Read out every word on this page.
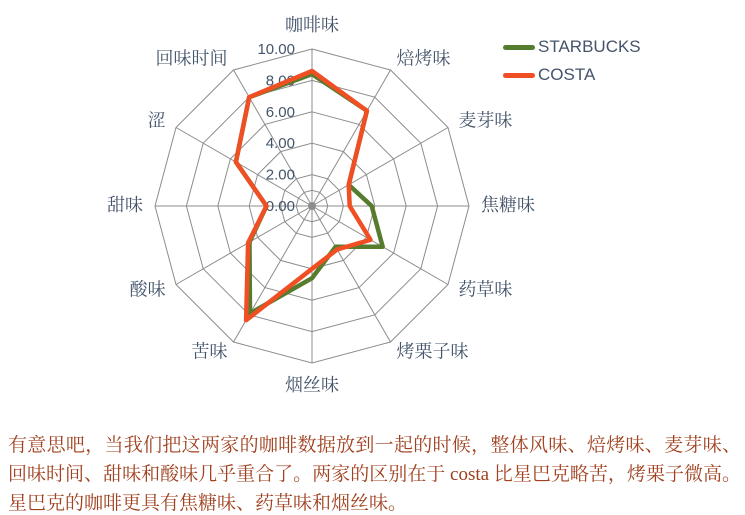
0.00
2.00
4.00
6.00
8.00
10.00
咖啡味
焙烤味
麦芽味
焦糖味
药草味
烤栗子味
烟丝味
苦味
酸味
甜味
涩
回味时间
STARBUCKS
COSTA
有意思吧，当我们把这两家的咖啡数据放到一起的时候，整体风味、焙烤味、麦芽味、回味时间、甜味和酸味几乎重合了。两家的区别在于 costa 比星巴克略苦，烤栗子微高。星巴克的咖啡更具有焦糖味、药草味和烟丝味。
